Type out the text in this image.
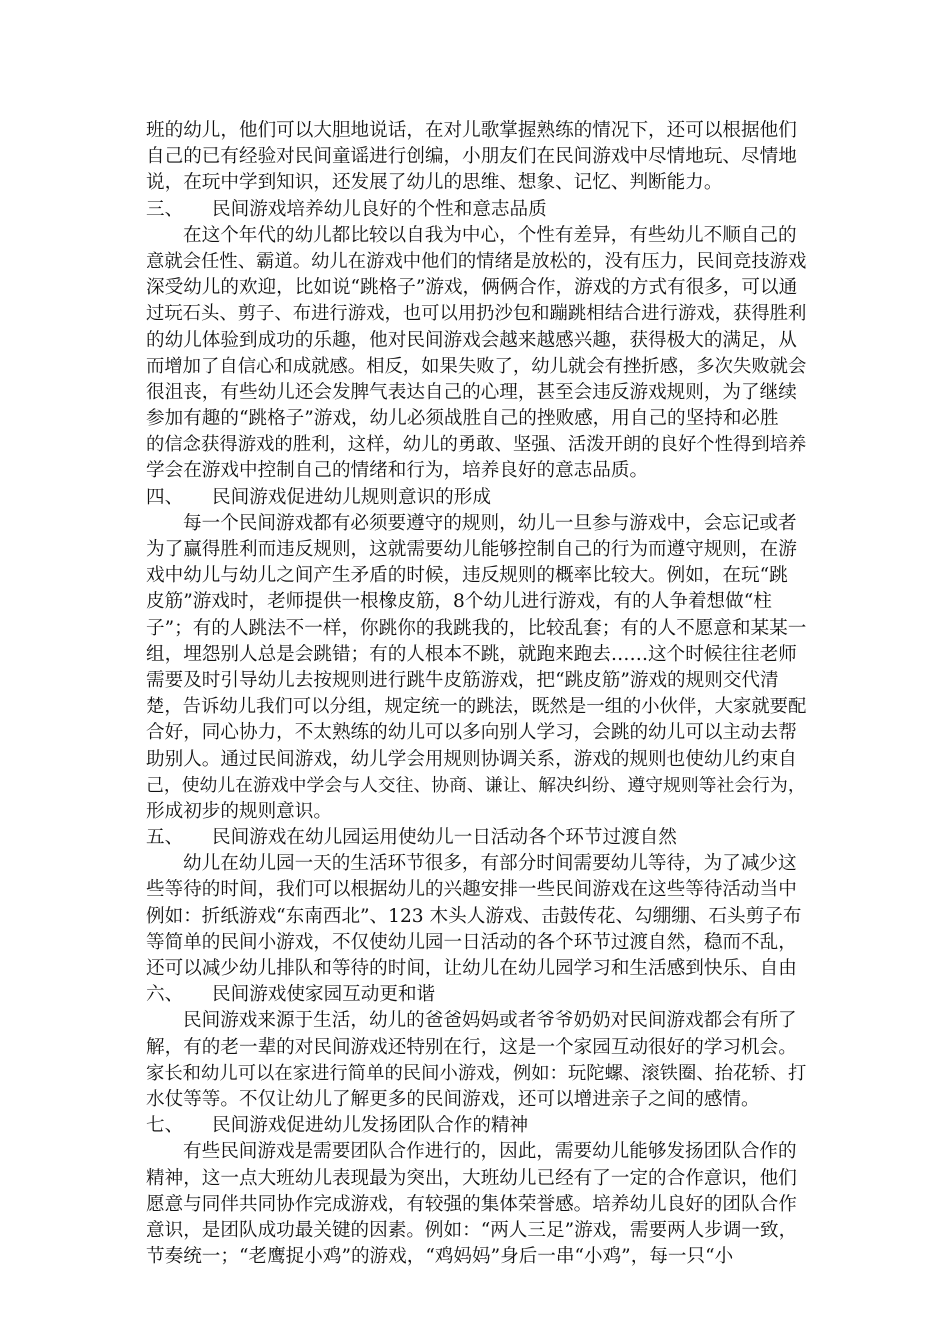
班的幼儿，他们可以大胆地说话，在对儿歌掌握熟练的情况下，还可以根据他们
自己的已有经验对民间童谣进行创编，小朋友们在民间游戏中尽情地玩、尽情地
说，在玩中学到知识，还发展了幼儿的思维、想象、记忆、判断能力。
三、 民间游戏培养幼儿良好的个性和意志品质
在这个年代的幼儿都比较以自我为中心，个性有差异，有些幼儿不顺自己的
意就会任性、霸道。幼儿在游戏中他们的情绪是放松的，没有压力，民间竞技游戏
深受幼儿的欢迎，比如说“跳格子”游戏，俩俩合作，游戏的方式有很多，可以通
过玩石头、剪子、布进行游戏，也可以用扔沙包和蹦跳相结合进行游戏，获得胜利
的幼儿体验到成功的乐趣，他对民间游戏会越来越感兴趣，获得极大的满足，从
而增加了自信心和成就感。相反，如果失败了，幼儿就会有挫折感，多次失败就会
很沮丧，有些幼儿还会发脾气表达自己的心理，甚至会违反游戏规则，为了继续
参加有趣的“跳格子”游戏，幼儿必须战胜自己的挫败感，用自己的坚持和必胜
的信念获得游戏的胜利，这样，幼儿的勇敢、坚强、活泼开朗的良好个性得到培养
学会在游戏中控制自己的情绪和行为，培养良好的意志品质。
四、 民间游戏促进幼儿规则意识的形成
每一个民间游戏都有必须要遵守的规则，幼儿一旦参与游戏中，会忘记或者
为了赢得胜利而违反规则，这就需要幼儿能够控制自己的行为而遵守规则，在游
戏中幼儿与幼儿之间产生矛盾的时候，违反规则的概率比较大。例如，在玩“跳
皮筋”游戏时，老师提供一根橡皮筋，8个幼儿进行游戏，有的人争着想做“柱
子”；有的人跳法不一样，你跳你的我跳我的，比较乱套；有的人不愿意和某某一
组，埋怨别人总是会跳错；有的人根本不跳，就跑来跑去……这个时候往往老师
需要及时引导幼儿去按规则进行跳牛皮筋游戏，把“跳皮筋”游戏的规则交代清
楚，告诉幼儿我们可以分组，规定统一的跳法，既然是一组的小伙伴，大家就要配
合好，同心协力，不太熟练的幼儿可以多向别人学习，会跳的幼儿可以主动去帮
助别人。通过民间游戏，幼儿学会用规则协调关系，游戏的规则也使幼儿约束自
己，使幼儿在游戏中学会与人交往、协商、谦让、解决纠纷、遵守规则等社会行为，
形成初步的规则意识。
五、 民间游戏在幼儿园运用使幼儿一日活动各个环节过渡自然
幼儿在幼儿园一天的生活环节很多，有部分时间需要幼儿等待，为了减少这
些等待的时间，我们可以根据幼儿的兴趣安排一些民间游戏在这些等待活动当中
例如：折纸游戏“东南西北”、123 木头人游戏、击鼓传花、勾绷绷、石头剪子布
等简单的民间小游戏，不仅使幼儿园一日活动的各个环节过渡自然，稳而不乱，
还可以减少幼儿排队和等待的时间，让幼儿在幼儿园学习和生活感到快乐、自由
六、 民间游戏使家园互动更和谐
民间游戏来源于生活，幼儿的爸爸妈妈或者爷爷奶奶对民间游戏都会有所了
解，有的老一辈的对民间游戏还特别在行，这是一个家园互动很好的学习机会。
家长和幼儿可以在家进行简单的民间小游戏，例如：玩陀螺、滚铁圈、抬花轿、打
水仗等等。不仅让幼儿了解更多的民间游戏，还可以增进亲子之间的感情。
七、 民间游戏促进幼儿发扬团队合作的精神
有些民间游戏是需要团队合作进行的，因此，需要幼儿能够发扬团队合作的
精神，这一点大班幼儿表现最为突出，大班幼儿已经有了一定的合作意识，他们
愿意与同伴共同协作完成游戏，有较强的集体荣誉感。培养幼儿良好的团队合作
意识，是团队成功最关键的因素。例如：“两人三足”游戏，需要两人步调一致，
节奏统一；“老鹰捉小鸡”的游戏，“鸡妈妈”身后一串“小鸡”，每一只“小
